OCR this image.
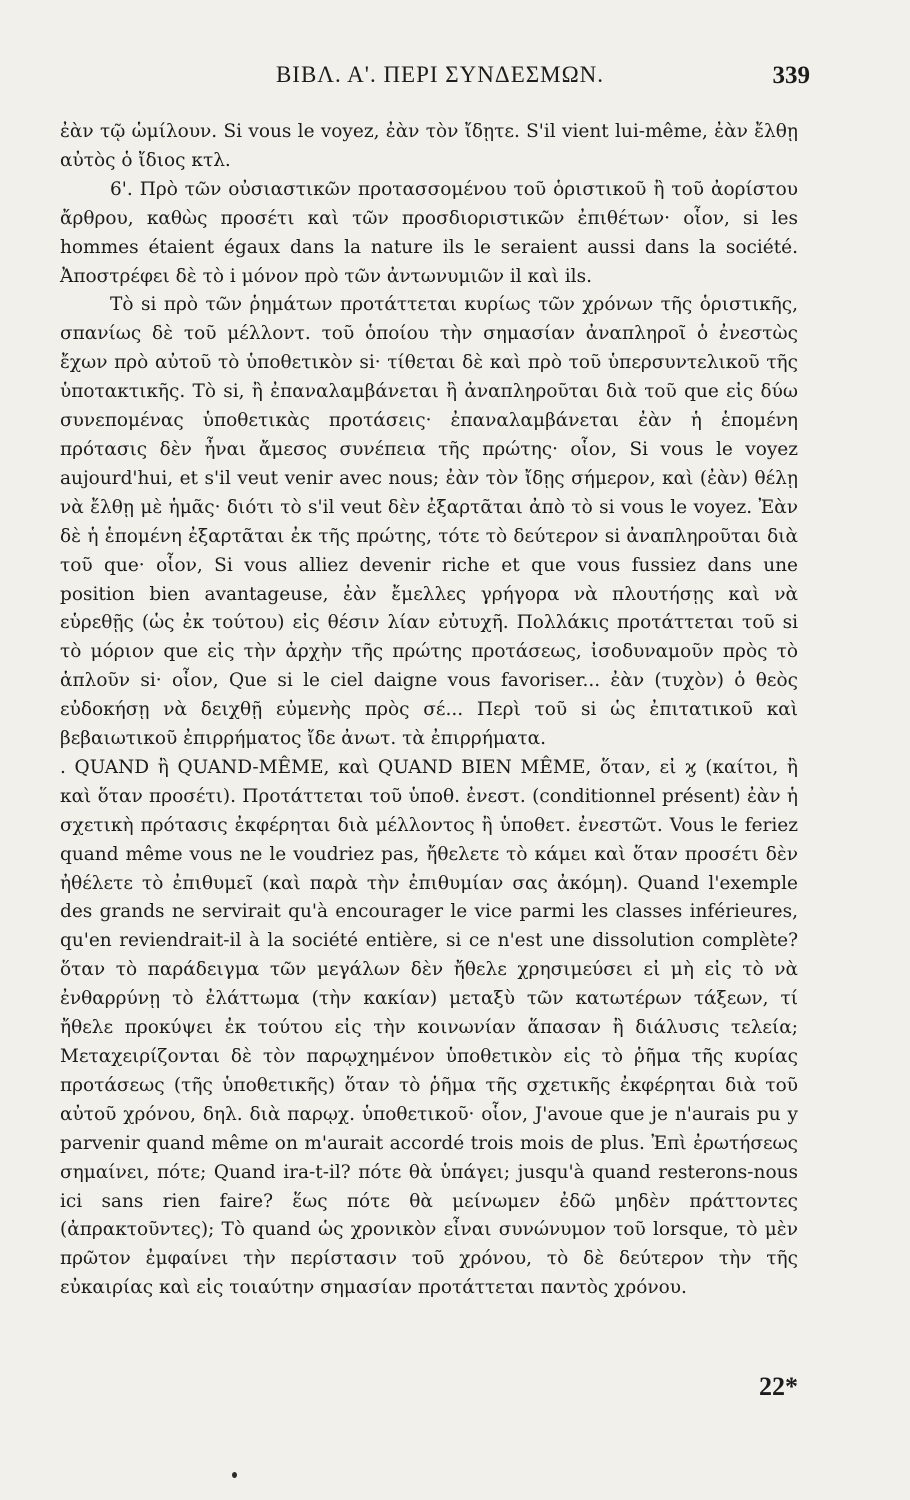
ΒΙΒΛ. Α'. ΠΕΡΙ ΣΥΝΔΕΣΜΩΝ.	339

ἐὰν τῷ ὡμίλουν. Si vous le voyez, ἐὰν τὸν ἴδῃτε. S'il vient lui-même, ἐὰν ἔλθῃ αὐτὸς ὁ ἴδιος κτλ.

6'. Πρὸ τῶν οὐσιαστικῶν προτασσομένου τοῦ ὁριστικοῦ ἢ τοῦ ἀορίστου ἄρθρου, καθὼς προσέτι καὶ τῶν προσδιοριστικῶν ἐπιθέτων· οἷον, si les hommes étaient égaux dans la nature ils le seraient aussi dans la société. Ἀποστρέφει δὲ τὸ i μόνον πρὸ τῶν ἀντωνυμιῶν il καὶ ils.

Τὸ si πρὸ τῶν ῥημάτων προτάττεται κυρίως τῶν χρόνων τῆς ὁριστικῆς, σπανίως δὲ τοῦ μέλλοντ. τοῦ ὁποίου τὴν σημασίαν ἀναπληροῖ ὁ ἐνεστὼς ἔχων πρὸ αὐτοῦ τὸ ὑποθετικὸν si· τίθεται δὲ καὶ πρὸ τοῦ ὑπερσυντελικοῦ τῆς ὑποτακτικῆς. Τὸ si, ἢ ἐπαναλαμβάνεται ἢ ἀναπληροῦται διὰ τοῦ que εἰς δύω συνεπομένας ὑποθετικὰς προτάσεις· ἐπαναλαμβάνεται ἐὰν ἡ ἑπομένη πρότασις δὲν ἦναι ἄμεσος συνέπεια τῆς πρώτης· οἷον, Si vous le voyez aujourd'hui, et s'il veut venir avec nous; ἐὰν τὸν ἴδῃς σήμερον, καὶ (ἐὰν) θέλῃ νὰ ἔλθῃ μὲ ἡμᾶς· διότι τὸ s'il veut δὲν ἐξαρτᾶται ἀπὸ τὸ si vous le voyez. Ἐὰν δὲ ἡ ἑπομένη ἐξαρτᾶται ἐκ τῆς πρώτης, τότε τὸ δεύτερον si ἀναπληροῦται διὰ τοῦ que· οἷον, Si vous alliez devenir riche et que vous fussiez dans une position bien avantageuse, ἐὰν ἔμελλες γρήγορα νὰ πλουτήσῃς καὶ νὰ εὑρεθῇς (ὡς ἐκ τούτου) εἰς θέσιν λίαν εὐτυχῆ. Πολλάκις προτάττεται τοῦ si τὸ μόριον que εἰς τὴν ἀρχὴν τῆς πρώτης προτάσεως, ἰσοδυναμοῦν πρὸς τὸ ἁπλοῦν si· οἷον, Que si le ciel daigne vous favoriser... ἐὰν (τυχὸν) ὁ θεὸς εὐδοκήσῃ νὰ δειχθῇ εὐμενὴς πρὸς σέ... Περὶ τοῦ si ὡς ἐπιτατικοῦ καὶ βεβαιωτικοῦ ἐπιρρήματος ἴδε ἀνωτ. τὰ ἐπιρρήματα.

. QUAND ἢ QUAND-MÊME, καὶ QUAND BIEN MÊME, ὅταν, εἰ ϗ (καίτοι, ἢ καὶ ὅταν προσέτι). Προτάττεται τοῦ ὑποθ. ἐνεστ. (conditionnel présent) ἐὰν ἡ σχετικὴ πρότασις ἐκφέρηται διὰ μέλλοντος ἢ ὑποθετ. ἐνεστῶτ. Vous le feriez quand même vous ne le voudriez pas, ἤθελετε τὸ κάμει καὶ ὅταν προσέτι δὲν ἠθέλετε τὸ ἐπιθυμεῖ (καὶ παρὰ τὴν ἐπιθυμίαν σας ἀκόμη). Quand l'exemple des grands ne servirait qu'à encourager le vice parmi les classes inférieures, qu'en reviendrait-il à la société entière, si ce n'est une dissolution complète? ὅταν τὸ παράδειγμα τῶν μεγάλων δὲν ἤθελε χρησιμεύσει εἰ μὴ εἰς τὸ νὰ ἐνθαρρύνῃ τὸ ἐλάττωμα (τὴν κακίαν) μεταξὺ τῶν κατωτέρων τάξεων, τί ἤθελε προκύψει ἐκ τούτου εἰς τὴν κοινωνίαν ἅπασαν ἢ διάλυσις τελεία; Μεταχειρίζονται δὲ τὸν παρῳχημένον ὑποθετικὸν εἰς τὸ ῥῆμα τῆς κυρίας προτάσεως (τῆς ὑποθετικῆς) ὅταν τὸ ῥῆμα τῆς σχετικῆς ἐκφέρηται διὰ τοῦ αὐτοῦ χρόνου, δηλ. διὰ παρῳχ. ὑποθετικοῦ· οἷον, J'avoue que je n'aurais pu y parvenir quand même on m'aurait accordé trois mois de plus. Ἐπὶ ἐρωτήσεως σημαίνει, πότε; Quand ira-t-il? πότε θὰ ὑπάγει; jusqu'à quand resterons-nous ici sans rien faire? ἕως πότε θὰ μείνωμεν ἐδῶ μηδὲν πράττοντες (ἀπρακτοῦντες); Τὸ quand ὡς χρονικὸν εἶναι συνώνυμον τοῦ lorsque, τὸ μὲν πρῶτον ἐμφαίνει τὴν περίστασιν τοῦ χρόνου, τὸ δὲ δεύτερον τὴν τῆς εὐκαιρίας καὶ εἰς τοιαύτην σημασίαν προτάττεται παντὸς χρόνου.

22*
